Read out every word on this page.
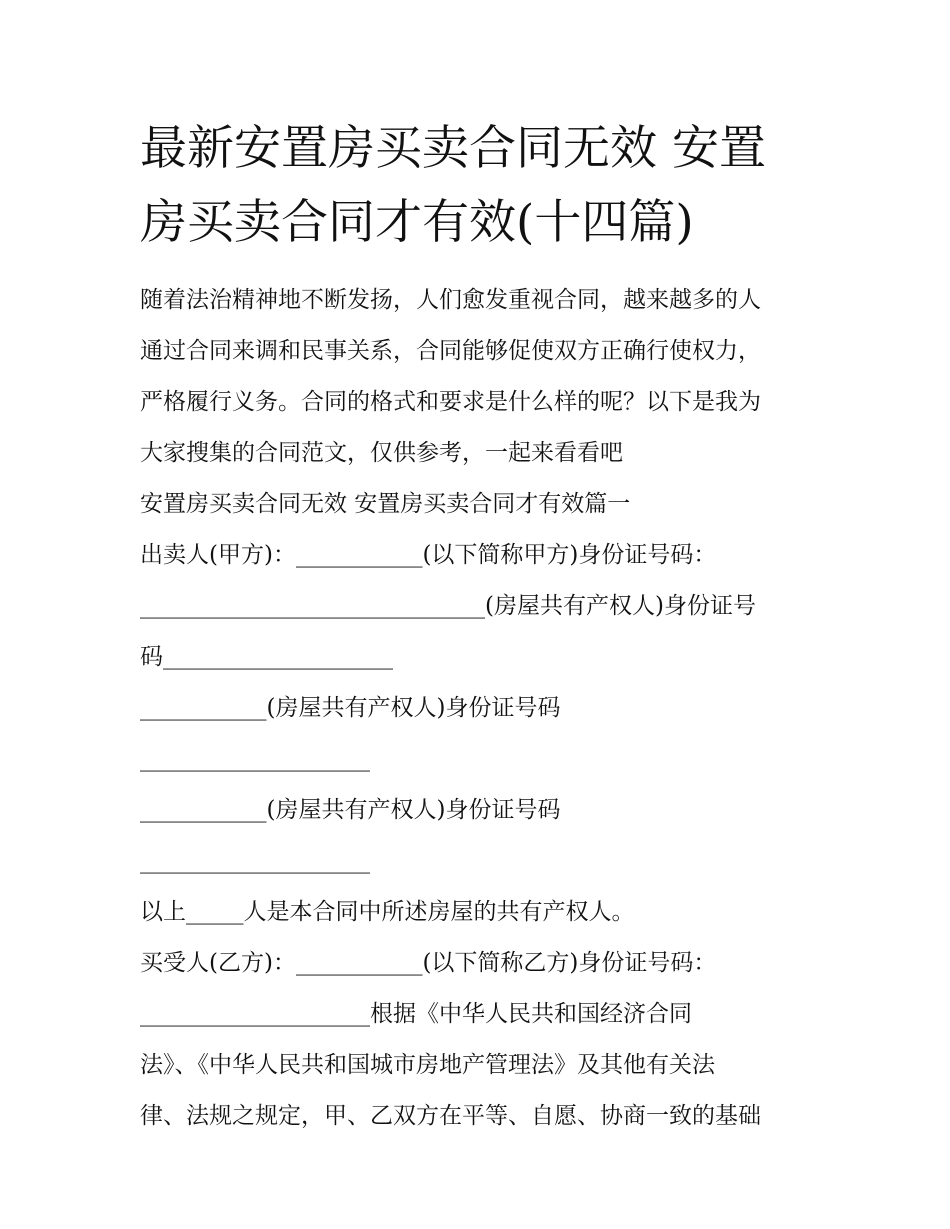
最新安置房买卖合同无效 安置
房买卖合同才有效(十四篇)
随着法治精神地不断发扬，人们愈发重视合同，越来越多的人
通过合同来调和民事关系，合同能够促使双方正确行使权力，
严格履行义务。合同的格式和要求是什么样的呢？以下是我为
大家搜集的合同范文，仅供参考，一起来看看吧
安置房买卖合同无效 安置房买卖合同才有效篇一
出卖人(甲方)：___________(以下简称甲方)身份证号码：
______________________________(房屋共有产权人)身份证号
码____________________
___________(房屋共有产权人)身份证号码
____________________
___________(房屋共有产权人)身份证号码
____________________
以上_____人是本合同中所述房屋的共有产权人。
买受人(乙方)：___________(以下简称乙方)身份证号码：
____________________根据《中华人民共和国经济合同
法》、《中华人民共和国城市房地产管理法》及其他有关法
律、法规之规定，甲、乙双方在平等、自愿、协商一致的基础
